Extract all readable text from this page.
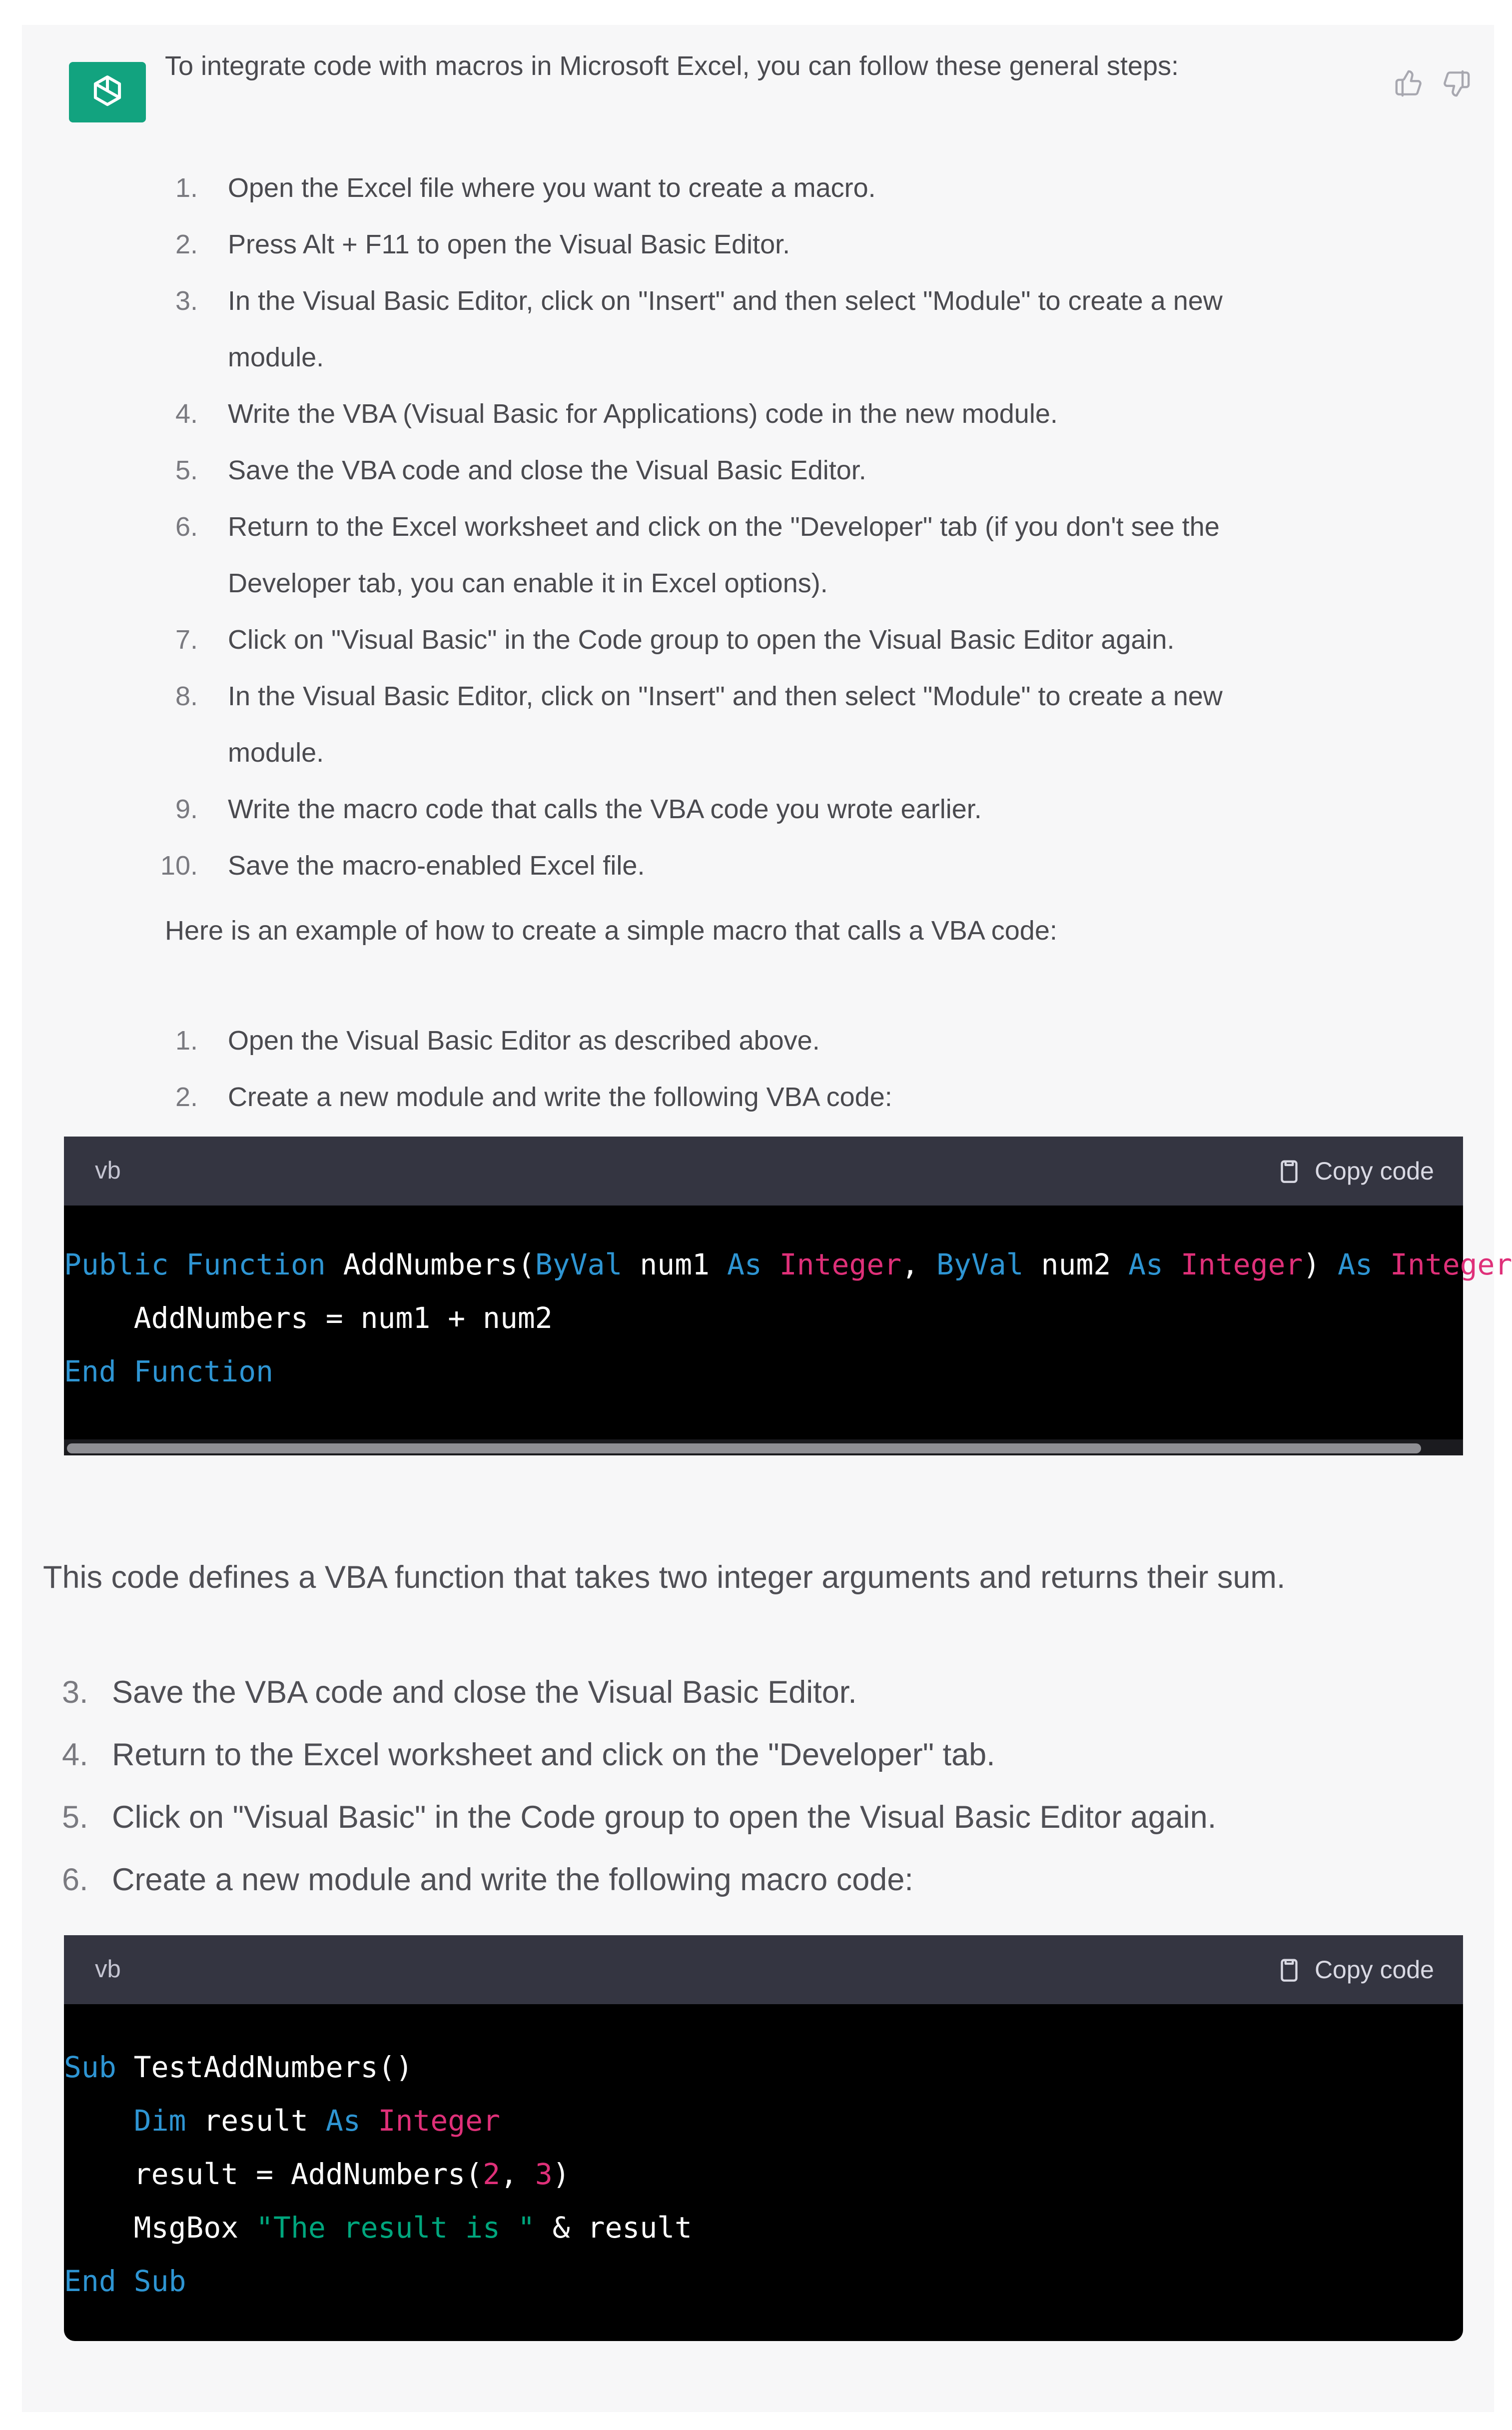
To integrate code with macros in Microsoft Excel, you can follow these general steps:
1. Open the Excel file where you want to create a macro.
2. Press Alt + F11 to open the Visual Basic Editor.
3. In the Visual Basic Editor, click on "Insert" and then select "Module" to create a new
module.
4. Write the VBA (Visual Basic for Applications) code in the new module.
5. Save the VBA code and close the Visual Basic Editor.
6. Return to the Excel worksheet and click on the "Developer" tab (if you don't see the
Developer tab, you can enable it in Excel options).
7. Click on "Visual Basic" in the Code group to open the Visual Basic Editor again.
8. In the Visual Basic Editor, click on "Insert" and then select "Module" to create a new
module.
9. Write the macro code that calls the VBA code you wrote earlier.
10. Save the macro-enabled Excel file.
Here is an example of how to create a simple macro that calls a VBA code:
1. Open the Visual Basic Editor as described above.
2. Create a new module and write the following VBA code:
vb	Copy code
Public Function AddNumbers(ByVal num1 As Integer, ByVal num2 As Integer) As Integer
AddNumbers = num1 + num2
End Function
This code defines a VBA function that takes two integer arguments and returns their sum.
3. Save the VBA code and close the Visual Basic Editor.
4. Return to the Excel worksheet and click on the "Developer" tab.
5. Click on "Visual Basic" in the Code group to open the Visual Basic Editor again.
6. Create a new module and write the following macro code:
vb	Copy code
Sub TestAddNumbers()
Dim result As Integer
result = AddNumbers(2, 3)
MsgBox "The result is " & result
End Sub
